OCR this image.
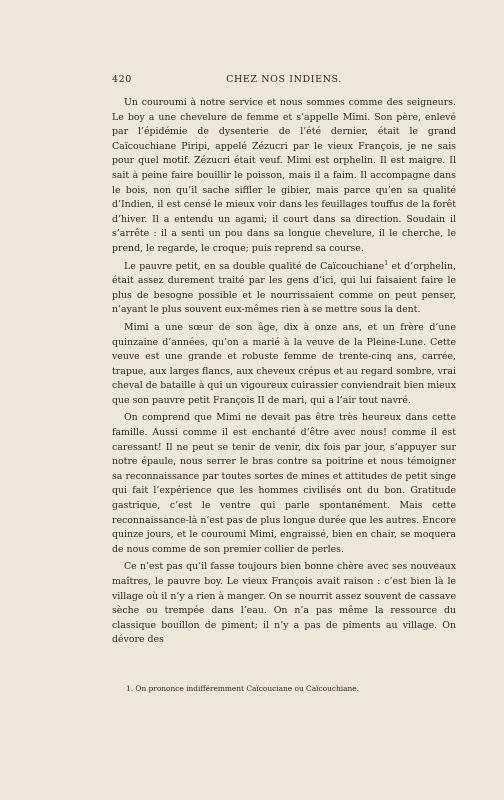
420	CHEZ NOS INDIENS.

Un couroumi à notre service et nous sommes comme des seigneurs. Le boy a une chevelure de femme et s’appelle Mimi. Son père, enlevé par l’épidémie de dysenterie de l’été dernier, était le grand Caïcouchiane Piripi, appelé Zézucri par le vieux François, je ne sais pour quel motif. Zézucri était veuf. Mimi est orphelin. Il est maigre. Il sait à peine faire bouillir le poisson, mais il a faim. Il accompagne dans le bois, non qu’il sache siffler le gibier, mais parce qu’en sa qualité d’Indien, il est censé le mieux voir dans les feuillages touffus de la forêt d’hiver. Il a entendu un agami; il court dans sa direction. Soudain il s’arrête : il a senti un pou dans sa longue chevelure, il le cherche, le prend, le regarde, le croque; puis reprend sa course.

Le pauvre petit, en sa double qualité de Caïcouchiane$^1$ et d’orphelin, était assez durement traité par les gens d’ici, qui lui faisaient faire le plus de besogne possible et le nourrissaient comme on peut penser, n’ayant le plus souvent eux-mêmes rien à se mettre sous la dent.

Mimi a une sœur de son âge, dix à onze ans, et un frère d’une quinzaine d’années, qu’on a marié à la veuve de la Pleine-Lune. Cette veuve est une grande et robuste femme de trente-cinq ans, carrée, trapue, aux larges flancs, aux cheveux crépus et au regard sombre, vrai cheval de bataille à qui un vigoureux cuirassier conviendrait bien mieux que son pauvre petit François II de mari, qui a l’air tout navré.

On comprend que Mimi ne devait pas être très heureux dans cette famille. Aussi comme il est enchanté d’être avec nous! comme il est caressant! Il ne peut se tenir de venir, dix fois par jour, s’appuyer sur notre épaule, nous serrer le bras contre sa poitrine et nous témoigner sa reconnaissance par toutes sortes de mines et attitudes de petit singe qui fait l’expérience que les hommes civilisés ont du bon. Gratitude gastrique, c’est le ventre qui parle spontanément. Mais cette reconnaissance-là n’est pas de plus longue durée que les autres. Encore quinze jours, et le couroumi Mimi, engraissé, bien en chair, se moquera de nous comme de son premier collier de perles.

Ce n’est pas qu’il fasse toujours bien bonne chère avec ses nouveaux maîtres, le pauvre boy. Le vieux François avait raison : c’est bien là le village où il n’y a rien à manger. On se nourrit assez souvent de cassave sèche ou trempée dans l’eau. On n’a pas même la ressource du classique bouillon de piment; il n’y a pas de piments au village. On dévore des

1. On prononce indifféremment Caïcouciane ou Caïcouchiane.
